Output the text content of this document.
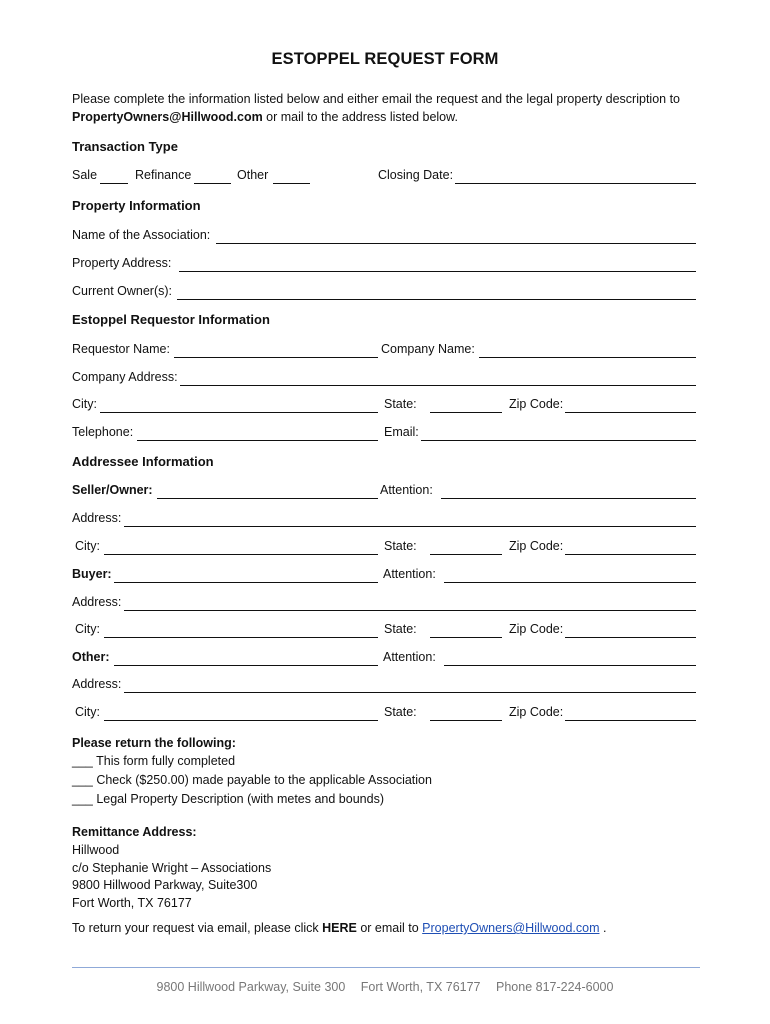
ESTOPPEL REQUEST FORM
Please complete the information listed below and either email the request and the legal property description to
PropertyOwners@Hillwood.com or mail to the address listed below.
Transaction Type
Sale	Refinance	Other	Closing Date:
Property Information
Name of the Association:
Property Address:
Current Owner(s):
Estoppel Requestor Information
Requestor Name:	Company Name:
Company Address:
City:	State:	Zip Code:
Telephone:	Email:
Addressee Information
Seller/Owner:	Attention:
Address:
City:	State:	Zip Code:
Buyer:	Attention:
Address:
City:	State:	Zip Code:
Other:	Attention:
Address:
City:	State:	Zip Code:
Please return the following:
___ This form fully completed
___ Check ($250.00) made payable to the applicable Association
___ Legal Property Description (with metes and bounds)
Remittance Address:
Hillwood
c/o Stephanie Wright – Associations
9800 Hillwood Parkway, Suite300
Fort Worth, TX 76177
To return your request via email, please click HERE or email to PropertyOwners@Hillwood.com .
9800 Hillwood Parkway, Suite 300 Fort Worth, TX 76177 Phone 817-224-6000
